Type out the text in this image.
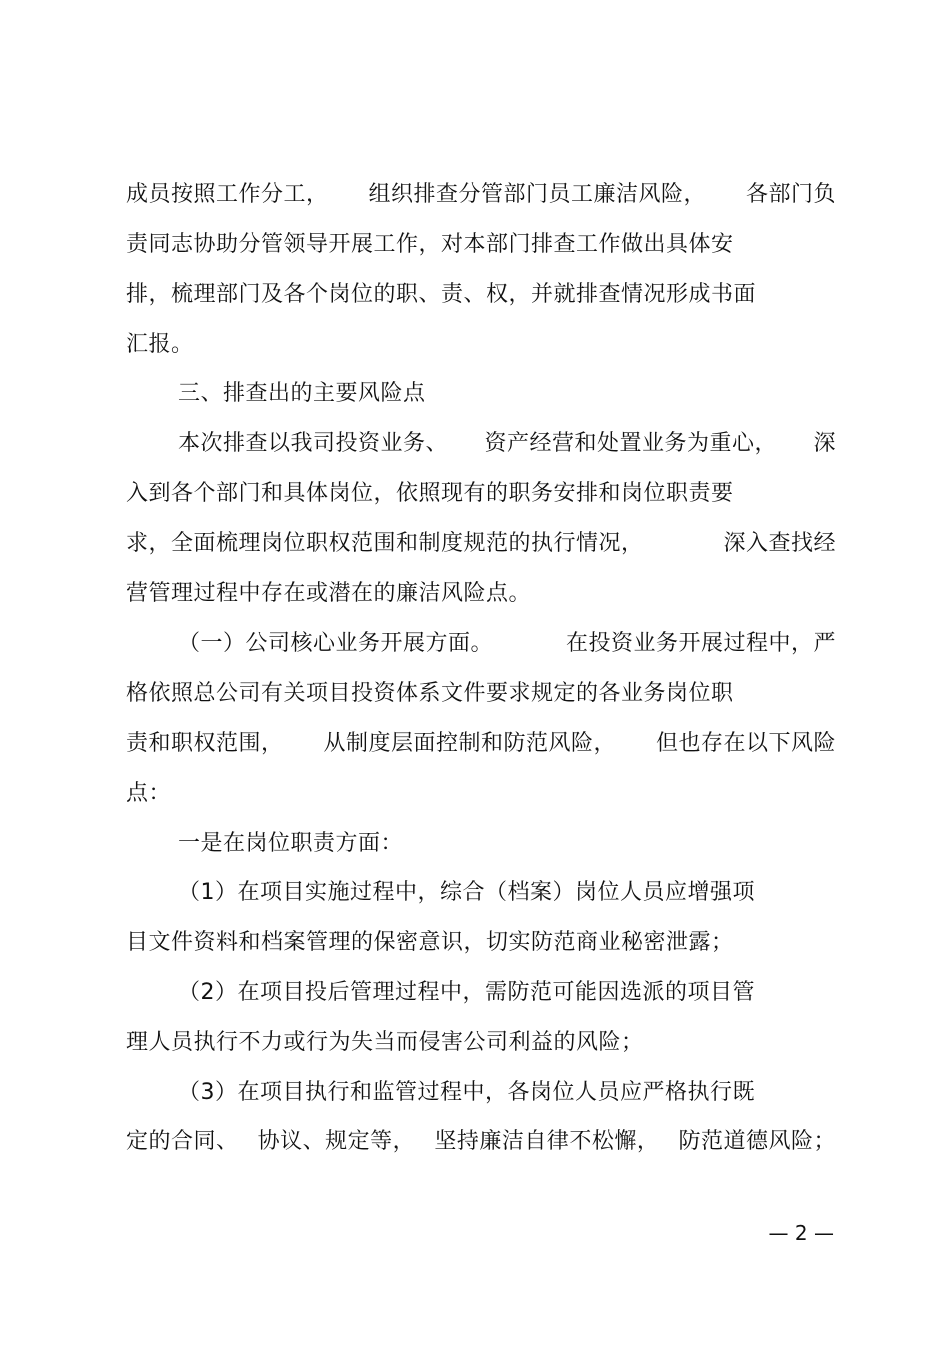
成员按照工作分工， 组织排查分管部门员工廉洁风险， 各部门负
责同志协助分管领导开展工作，对本部门排查工作做出具体安
排，梳理部门及各个岗位的职、责、权，并就排查情况形成书面
汇报。
三、排查出的主要风险点
本次排查以我司投资业务、 资产经营和处置业务为重心， 深
入到各个部门和具体岗位，依照现有的职务安排和岗位职责要
求，全面梳理岗位职权范围和制度规范的执行情况，	深入查找经
营管理过程中存在或潜在的廉洁风险点。
（一）公司核心业务开展方面。	在投资业务开展过程中，严
格依照总公司有关项目投资体系文件要求规定的各业务岗位职
责和职权范围， 从制度层面控制和防范风险， 但也存在以下风险
点：
一是在岗位职责方面：
（1）在项目实施过程中，综合（档案）岗位人员应增强项
目文件资料和档案管理的保密意识，切实防范商业秘密泄露；
（2）在项目投后管理过程中，需防范可能因选派的项目管
理人员执行不力或行为失当而侵害公司利益的风险；
（3）在项目执行和监管过程中，各岗位人员应严格执行既
定的合同、 协议、规定等， 坚持廉洁自律不松懈， 防范道德风险；
— 2 —
